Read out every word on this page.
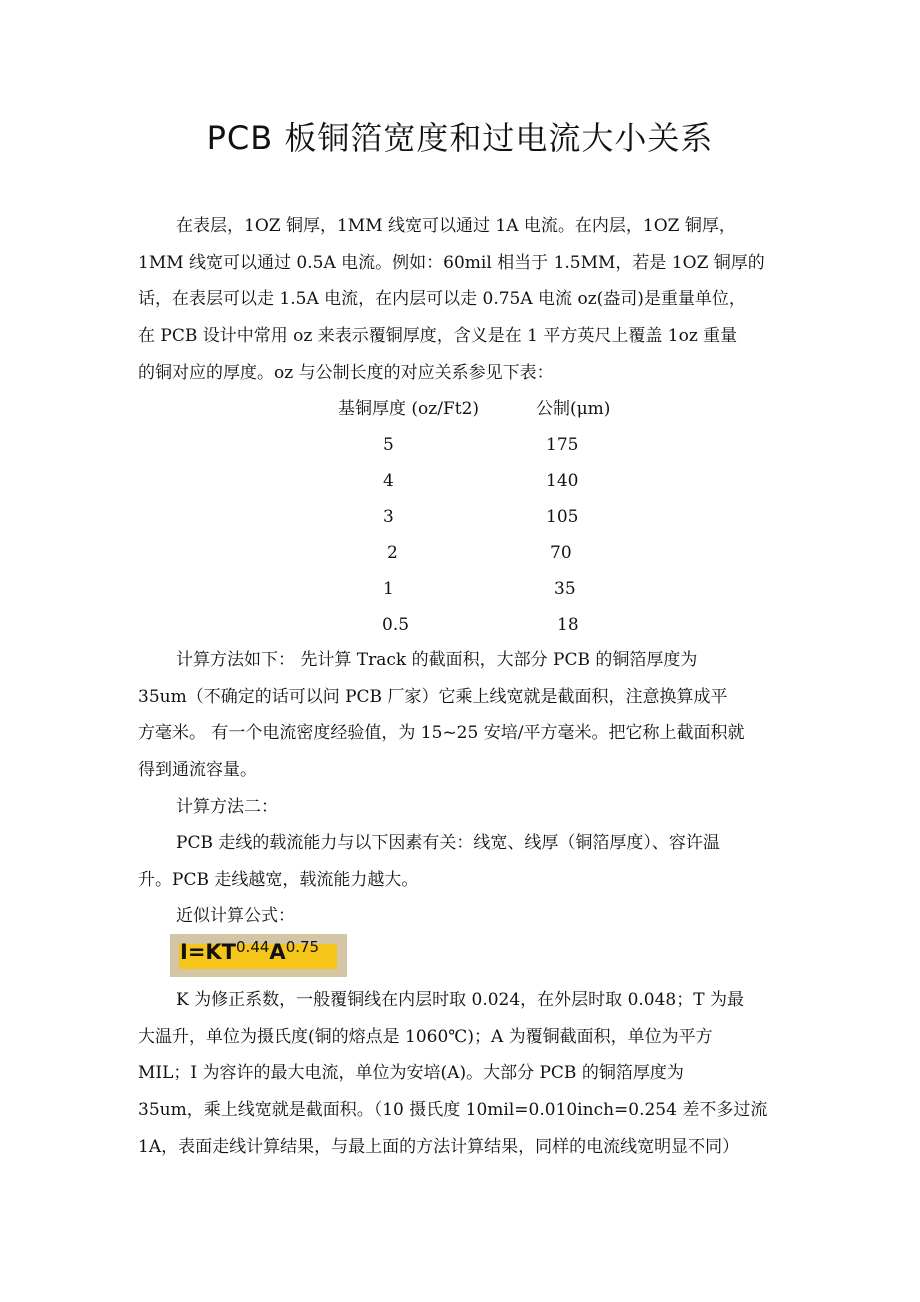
PCB 板铜箔宽度和过电流大小关系
在表层，1OZ 铜厚，1MM 线宽可以通过 1A 电流。在内层，1OZ 铜厚，
1MM 线宽可以通过 0.5A 电流。例如：60mil 相当于 1.5MM，若是 1OZ 铜厚的
话，在表层可以走 1.5A 电流，在内层可以走 0.75A 电流 oz(盎司)是重量单位，
在 PCB 设计中常用 oz 来表示覆铜厚度，含义是在 1 平方英尺上覆盖 1oz 重量
的铜对应的厚度。oz 与公制长度的对应关系参见下表：
基铜厚度 (oz/Ft2)	公制(μm)
5	175
4	140
3	105
2	70
1	35
0.5	18
计算方法如下： 先计算 Track 的截面积，大部分 PCB 的铜箔厚度为
35um（不确定的话可以问 PCB 厂家）它乘上线宽就是截面积，注意换算成平
方毫米。 有一个电流密度经验值，为 15~25 安培/平方毫米。把它称上截面积就
得到通流容量。
计算方法二：
PCB 走线的载流能力与以下因素有关：线宽、线厚（铜箔厚度）、容许温
升。PCB 走线越宽，载流能力越大。
近似计算公式：
$I=KT^{0.44}A^{0.75}$
K 为修正系数，一般覆铜线在内层时取 0.024，在外层时取 0.048；T 为最
大温升，单位为摄氏度(铜的熔点是 1060℃)；A 为覆铜截面积，单位为平方
MIL；I 为容许的最大电流，单位为安培(A)。大部分 PCB 的铜箔厚度为
35um，乘上线宽就是截面积。（10 摄氏度 10mil=0.010inch=0.254 差不多过流
1A，表面走线计算结果，与最上面的方法计算结果，同样的电流线宽明显不同）
